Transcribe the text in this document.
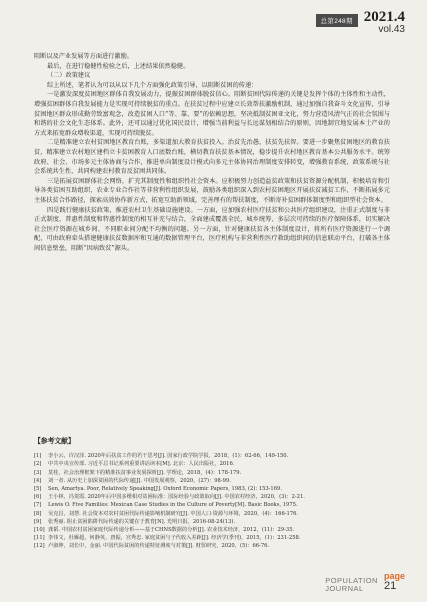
总第248期 2021.4
vol.43

阻断以及产业发展等方面进行激励。

最后，在进行稳健性检验之后，上述结果依然稳健。

（二）政策建议

综上所述，笔者认为可以从以下几个方面强化政策引导，以阻断贫困的传递：

一是激发深度贫困地区群体自我发展动力，提振贫困群体脱贫信心。阻断贫困代际传递的关键是发挥个体的主体性和主动性，增强贫困群体自我发展能力是实现可持续脱贫的重点。在扶贫过程中应建立长效帮扶激励机制，通过加强自我奋斗文化宣传，引导贫困地区群众形成勤劳致富观念，改造贫困人口“等、靠、要”的依赖思想，坚决抵制贫困亚文化，努力营造风清气正的社会氛围与和谐的社会文化生态体系。此外，还可以通过优化国民设计，增强当前利益与长远谋划相结合的原则，因地制宜地发展本土产业的方式来拓宽群众增收渠道，实现可持续脱贫。

二是精准建立农村贫困地区教育台账，多渠道加大教育扶贫投入。治贫先治愚，扶贫先扶智。要进一步聚焦贫困地区的教育扶贫，精准建立农村地区建档立卡贫困教育人口底数台账，横切教育扶贫基本情况，稳步提升农村地区教育基本公共服务水平。统筹政府、社会、市场多元主体协商与合作，推进单向制度设计模式向多元主体协同治理制度安排转变，增强教育系统、政策系统与社会系统共生性，共同构建农村教育反贫困共同体。

三是拓展贫困群体社会网络，扩充其制度性和组织性社会资本。应积极努力创造益贫政策和扶贫资源分配机制，积极培育和引导各类贫困互助组织、农业专业合作社等非营利性组织发展，鼓励各类组织深入到农村贫困地区开展扶贫减贫工作，不断拓展多元主体扶贫合作路径，探索高效协作新方式，拓宽互助新领域，完善理有的帮扶制度，不断寄补贫困群体制度型和组织型社会资本。

四是践行健康扶贫政策，推进农村卫生基础设施建设。一方面，应加强农村医疗扶贫和公共医疗组织建设，注重正式制度与非正式制度、普惠性制度和特惠性制度的相互补充与结合，全面建成覆盖全民、城乡统筹、多层次可持续的医疗保障体系，切实解决社会医疗资源在城乡间、不同职业间分配不均衡的问题。另一方面，针对健康扶贫各主体制度设计，将所有医疗资源进行一个调配，可由政府牵头搭建健康扶贫数据库和互通的数据管理平台，医疗机构与非营利性医疗救助组织间的信息联动平台，打破各主体间信息壁垒，阻断“因病致贫”源头。

【参考文献】
[1]	李小云，许汉泽. 2020年后扶贫工作的若干思考[J]. 国家行政学院学报，2018，(1)：62-66，149-150.
[2]	中共中央宣传部. 习近平总书记系列重要讲话读本[M]. 北京：人民出版社，2016.
[3]	莫桂，社会治理框架下的精准扶贫事业发展探析[J]. 学理论，2018，(4)：178-179.
[4]	刘一者. 从历史上加深贫困的代际传递[J]. 中国发展观察，2020，(27)：98-99.
[5]	Sen, Amartya. Poor, Relatively Speaking[J]. Oxford Economic Papers, 1983, (2): 153-169.
[6]	王小林，冯贺霞. 2020年后中国多维相对贫困标准：国际经验与政策取向[J]. 中国农村经济，2020，(3)：2-21.
[7]	Lewis O. Five Families: Mexican Case Studies in the Culture of Poverty[M]. Basic Books, 1975.
[8]	吴克昌，刘慧. 社会资本对农村贫困代际传递影响机制研究[J]. 中国人口·资源与环境，2020，(4)：166-176.
[9]	张秀丽. 阻止贫困陷阱代际传递的关键在于教育[N]. 光明日报，2016-08-24(13).
[10] 龚韬. 中国农村贫困家庭代际传递分析——基于CHNS数据的分析[J]. 农业技术经济，2012，(11)：29-35.
[11] 李伟文，杜雁超，何静英，唐振，宫秀忠. 家庭贫困与子代收入差距[J]. 经济学(季刊)，2015，(1)：231-258.
[12] 卢淑坤，刘长中，金丽. 中国代际贫困的传递特征测度与对策[J]. 财贸研究，2020，(5)：66-76.
POPULATION
JOURNAL
page
21
